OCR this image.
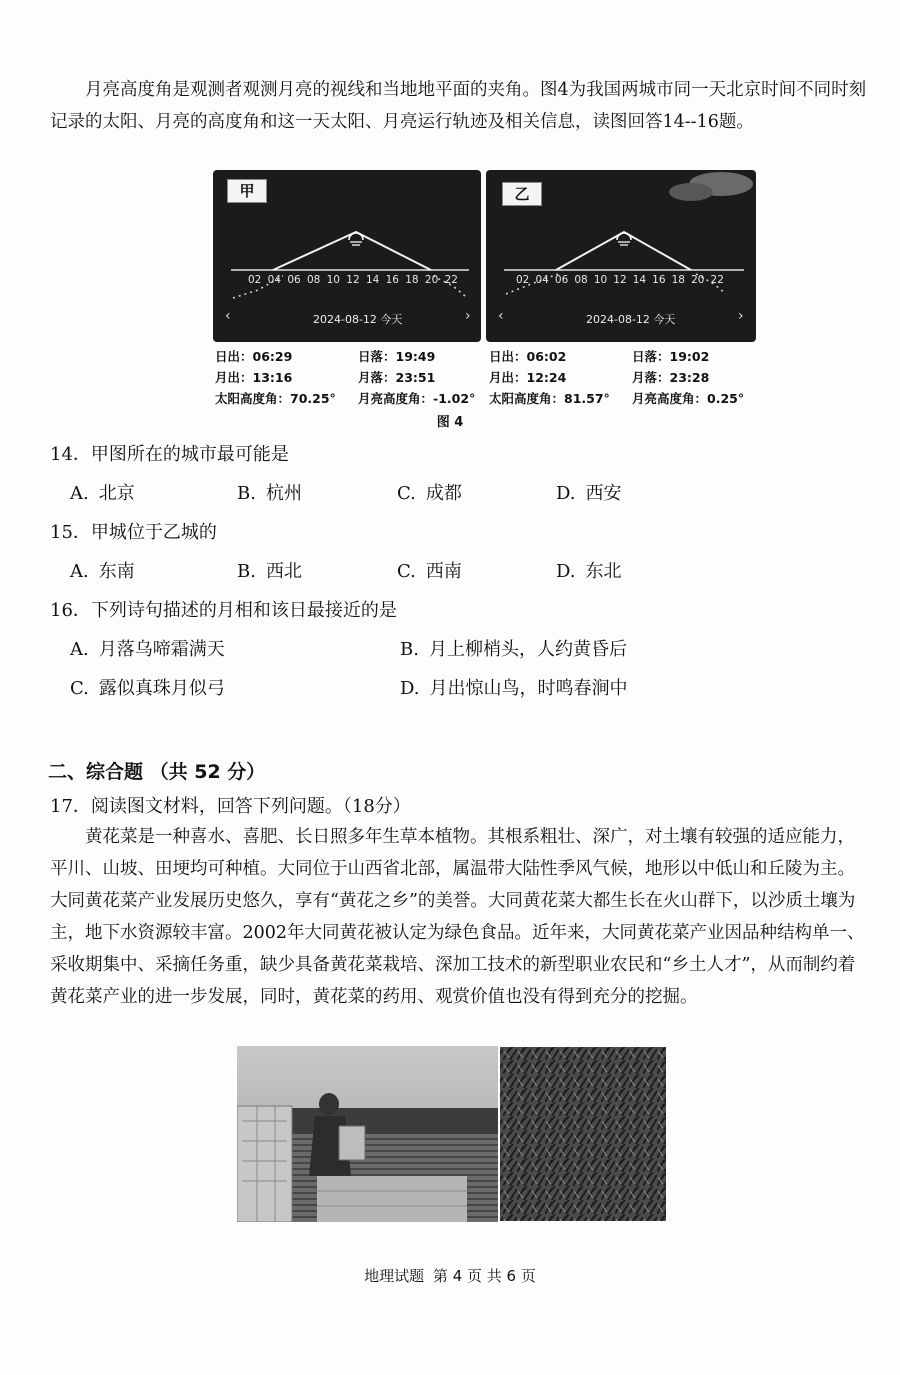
月亮高度角是观测者观测月亮的视线和当地地平面的夹角。图4为我国两城市同一天北京时间不同时刻记录的太阳、月亮的高度角和这一天太阳、月亮运行轨迹及相关信息，读图回答14--16题。

甲
02 04 06 08 10 12 14 16 18 20 22
‹	2024-08-12 今天	›
乙
02 04 06 08 10 12 14 16 18 20 22
‹	2024-08-12 今天	›
日出：06:29
月出：13:16
太阳高度角：70.25°
日落：19:49
月落：23:51
月亮高度角：-1.02°
日出：06:02
月出：12:24
太阳高度角：81.57°
日落：19:02
月落：23:28
月亮高度角：0.25°
图 4
14．甲图所在的城市最可能是
A. 北京	B. 杭州	C. 成都	D. 西安
15．甲城位于乙城的
A. 东南	B. 西北	C. 西南	D. 东北
16．下列诗句描述的月相和该日最接近的是
A. 月落乌啼霜满天	B. 月上柳梢头，人约黄昏后
C. 露似真珠月似弓	D. 月出惊山鸟，时鸣春涧中
二、综合题 （共 52 分）
17．阅读图文材料，回答下列问题。（18分）

黄花菜是一种喜水、喜肥、长日照多年生草本植物。其根系粗壮、深广，对土壤有较强的适应能力，平川、山坡、田埂均可种植。大同位于山西省北部，属温带大陆性季风气候，地形以中低山和丘陵为主。大同黄花菜产业发展历史悠久，享有“黄花之乡”的美誉。大同黄花菜大都生长在火山群下，以沙质土壤为主，地下水资源较丰富。2002年大同黄花被认定为绿色食品。近年来，大同黄花菜产业因品种结构单一、采收期集中、采摘任务重，缺少具备黄花菜栽培、深加工技术的新型职业农民和“乡土人才”，从而制约着黄花菜产业的进一步发展，同时，黄花菜的药用、观赏价值也没有得到充分的挖掘。

地理试题 第 4 页 共 6 页
